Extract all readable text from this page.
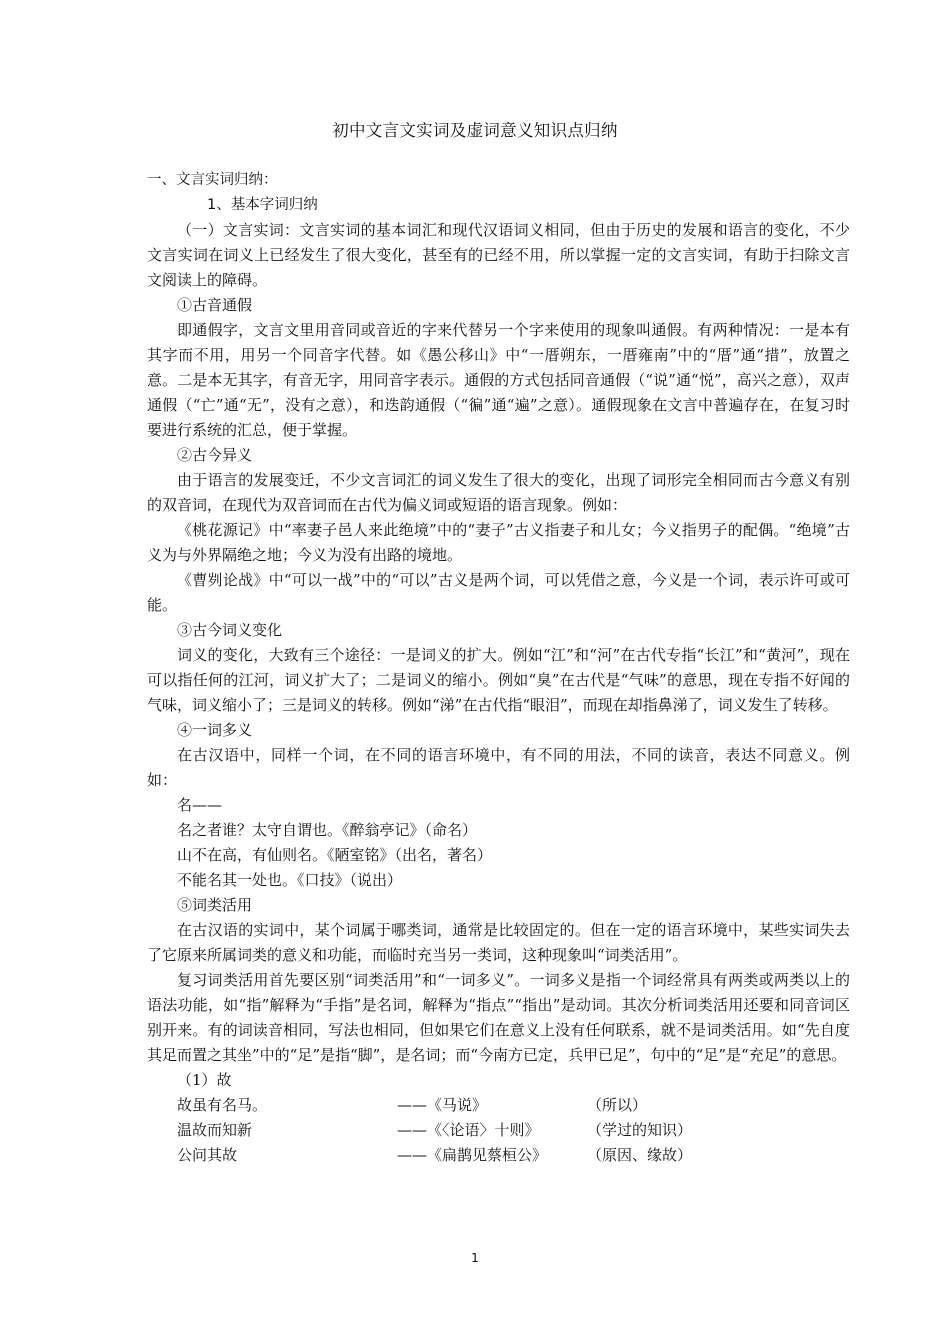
初中文言文实词及虚词意义知识点归纳

一、文言实词归纳：

1、基本字词归纳

（一）文言实词：文言实词的基本词汇和现代汉语词义相同，但由于历史的发展和语言的变化，不少文言实词在词义上已经发生了很大变化，甚至有的已经不用，所以掌握一定的文言实词，有助于扫除文言文阅读上的障碍。

①古音通假

即通假字，文言文里用音同或音近的字来代替另一个字来使用的现象叫通假。有两种情况：一是本有其字而不用，用另一个同音字代替。如《愚公移山》中“一厝朔东，一厝雍南”中的“厝”通“措”，放置之意。二是本无其字，有音无字，用同音字表示。通假的方式包括同音通假（“说”通“悦”，高兴之意），双声通假（“亡”通“无”，没有之意），和迭韵通假（“徧”通“遍”之意）。通假现象在文言中普遍存在，在复习时要进行系统的汇总，便于掌握。

②古今异义

由于语言的发展变迁，不少文言词汇的词义发生了很大的变化，出现了词形完全相同而古今意义有别的双音词，在现代为双音词而在古代为偏义词或短语的语言现象。例如：

《桃花源记》中“率妻子邑人来此绝境”中的“妻子”古义指妻子和儿女；今义指男子的配偶。“绝境”古义为与外界隔绝之地；今义为没有出路的境地。

《曹刿论战》中“可以一战”中的“可以”古义是两个词，可以凭借之意，今义是一个词，表示许可或可能。

③古今词义变化

词义的变化，大致有三个途径：一是词义的扩大。例如“江”和“河”在古代专指“长江”和“黄河”，现在可以指任何的江河，词义扩大了；二是词义的缩小。例如“臭”在古代是“气味”的意思，现在专指不好闻的气味，词义缩小了；三是词义的转移。例如“涕”在古代指“眼泪”，而现在却指鼻涕了，词义发生了转移。

④一词多义

在古汉语中，同样一个词，在不同的语言环境中，有不同的用法，不同的读音，表达不同意义。例如：

名——

名之者谁？太守自谓也。《醉翁亭记》（命名）

山不在高，有仙则名。《陋室铭》（出名，著名）

不能名其一处也。《口技》（说出）

⑤词类活用

在古汉语的实词中，某个词属于哪类词，通常是比较固定的。但在一定的语言环境中，某些实词失去了它原来所属词类的意义和功能，而临时充当另一类词，这种现象叫“词类活用”。

复习词类活用首先要区别“词类活用”和“一词多义”。一词多义是指一个词经常具有两类或两类以上的语法功能，如“指”解释为“手指”是名词，解释为“指点”“指出”是动词。其次分析词类活用还要和同音词区别开来。有的词读音相同，写法也相同，但如果它们在意义上没有任何联系，就不是词类活用。如“先自度其足而置之其坐”中的“足”是指“脚”，是名词；而“今南方已定，兵甲已足”，句中的“足”是“充足”的意思。

（1）故

故虽有名马。	——《马说》	（所以）
温故而知新	——《〈论语〉十则》	（学过的知识）
公问其故	——《扁鹊见蔡桓公》	（原因、缘故）
1
